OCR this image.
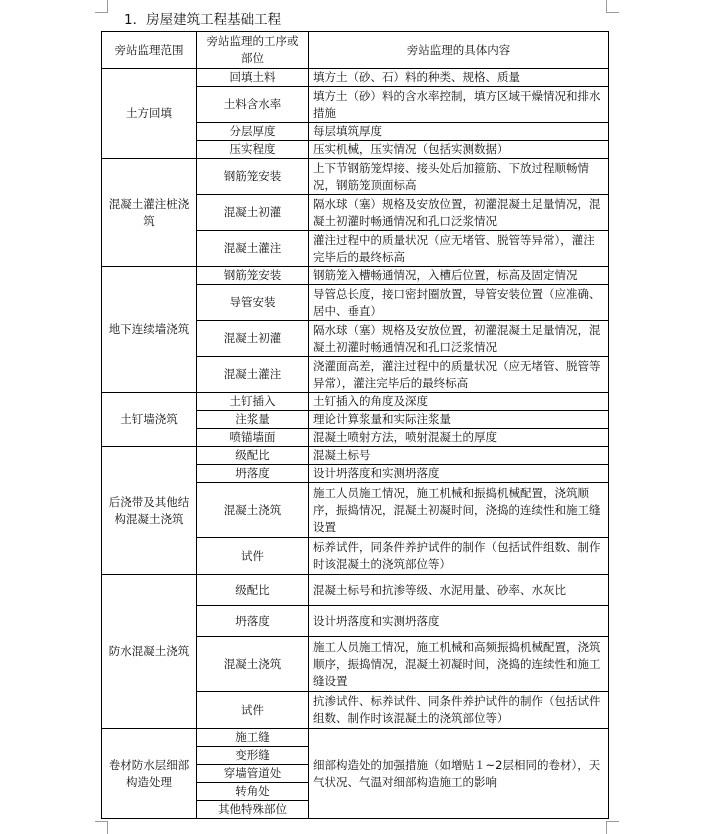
1．房屋建筑工程基础工程
旁站监理范围	旁站监理的工序或部位	旁站监理的具体内容
土方回填	回填土料	填方土（砂、石）料的种类、规格、质量
	土料含水率	填方土（砂）料的含水率控制，填方区域干燥情况和排水措施
	分层厚度	每层填筑厚度
	压实程度	压实机械，压实情况（包括实测数据）
混凝土灌注桩浇筑	钢筋笼安装	上下节钢筋笼焊接、接头处后加箍筋、下放过程顺畅情况，钢筋笼顶面标高
	混凝土初灌	隔水球（塞）规格及安放位置，初灌混凝土足量情况，混凝土初灌时畅通情况和孔口泛浆情况
	混凝土灌注	灌注过程中的质量状况（应无堵管、脱管等异常），灌注完毕后的最终标高
地下连续墙浇筑	钢筋笼安装	钢筋笼入槽畅通情况，入槽后位置，标高及固定情况
	导管安装	导管总长度，接口密封圈放置，导管安装位置（应准确、居中、垂直）
	混凝土初灌	隔水球（塞）规格及安放位置，初灌混凝土足量情况，混凝土初灌时畅通情况和孔口泛浆情况
	混凝土灌注	浇灌面高差，灌注过程中的质量状况（应无堵管、脱管等异常），灌注完毕后的最终标高
土钉墙浇筑	土钉插入	土钉插入的角度及深度
	注浆量	理论计算浆量和实际注浆量
	喷锚墙面	混凝土喷射方法，喷射混凝土的厚度
后浇带及其他结构混凝土浇筑	级配比	混凝土标号
	坍落度	设计坍落度和实测坍落度
	混凝土浇筑	施工人员施工情况，施工机械和振捣机械配置，浇筑顺序，振捣情况，混凝土初凝时间，浇捣的连续性和施工缝设置
	试件	标养试件，同条件养护试件的制作（包括试件组数、制作时该混凝土的浇筑部位等）
防水混凝土浇筑	级配比	混凝土标号和抗渗等级、水泥用量、砂率、水灰比
	坍落度	设计坍落度和实测坍落度
	混凝土浇筑	施工人员施工情况，施工机械和高频振捣机械配置，浇筑顺序，振捣情况，混凝土初凝时间，浇捣的连续性和施工缝设置
	试件	抗渗试件、标养试件、同条件养护试件的制作（包括试件组数、制作时该混凝土的浇筑部位等）
卷材防水层细部构造处理	施工缝	细部构造处的加强措施（如增贴１~2层相同的卷材），天气状况、气温对细部构造施工的影响
	变形缝	
	穿墙管道处	
	转角处	
	其他特殊部位	
